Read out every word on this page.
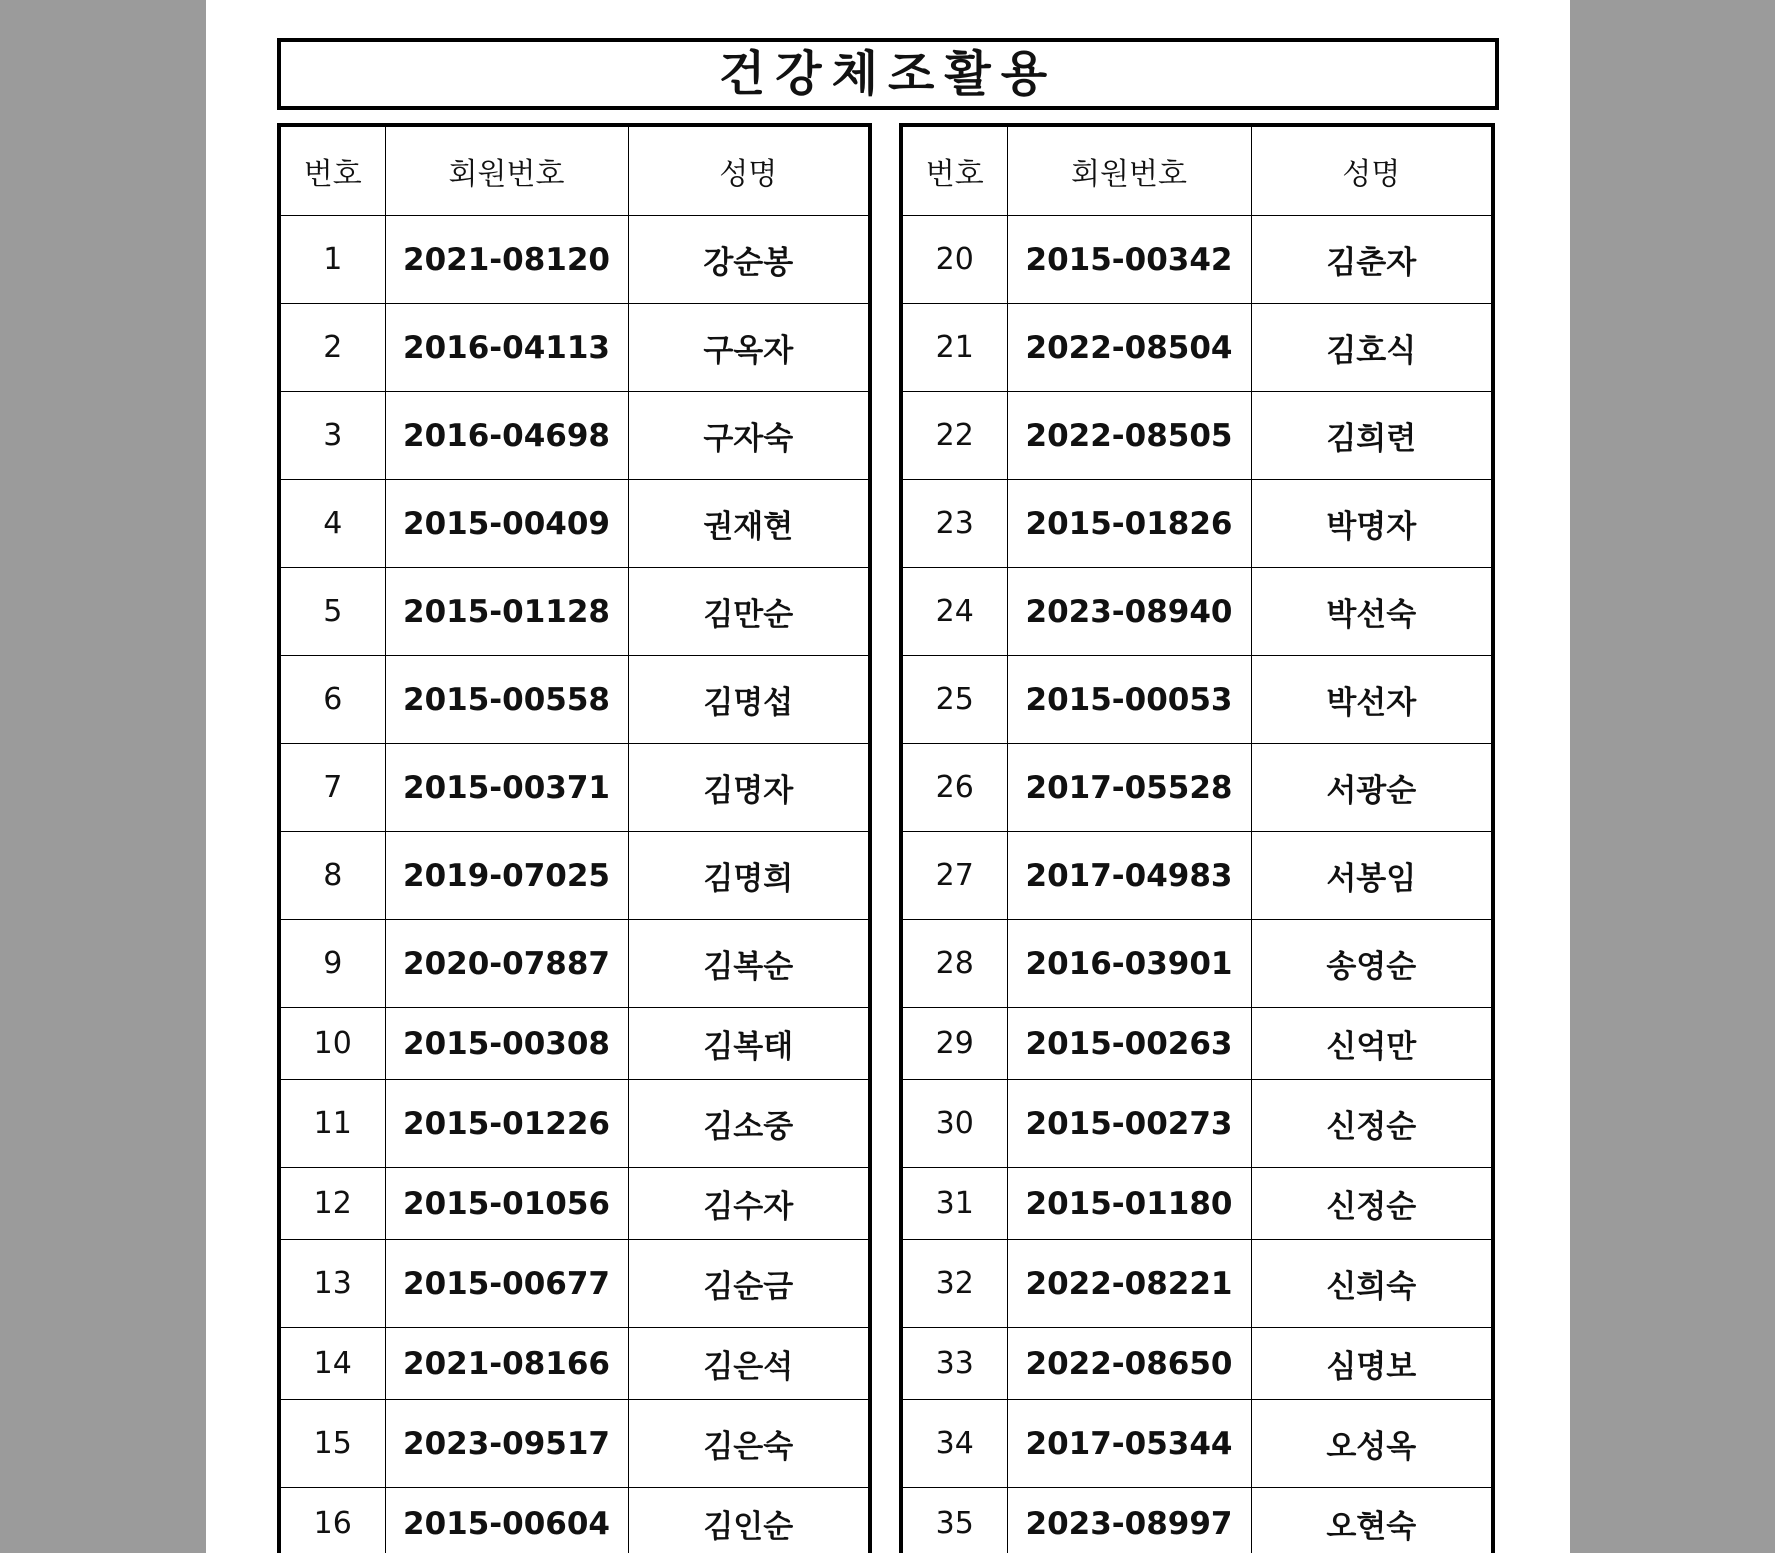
건강체조활용
번호	회원번호	성명
1	2021-08120	강순봉
2	2016-04113	구옥자
3	2016-04698	구자숙
4	2015-00409	권재현
5	2015-01128	김만순
6	2015-00558	김명섭
7	2015-00371	김명자
8	2019-07025	김명희
9	2020-07887	김복순
10	2015-00308	김복태
11	2015-01226	김소중
12	2015-01056	김수자
13	2015-00677	김순금
14	2021-08166	김은석
15	2023-09517	김은숙
16	2015-00604	김인순
번호	회원번호	성명
20	2015-00342	김춘자
21	2022-08504	김호식
22	2022-08505	김희련
23	2015-01826	박명자
24	2023-08940	박선숙
25	2015-00053	박선자
26	2017-05528	서광순
27	2017-04983	서봉임
28	2016-03901	송영순
29	2015-00263	신억만
30	2015-00273	신정순
31	2015-01180	신정순
32	2022-08221	신희숙
33	2022-08650	심명보
34	2017-05344	오성옥
35	2023-08997	오현숙
